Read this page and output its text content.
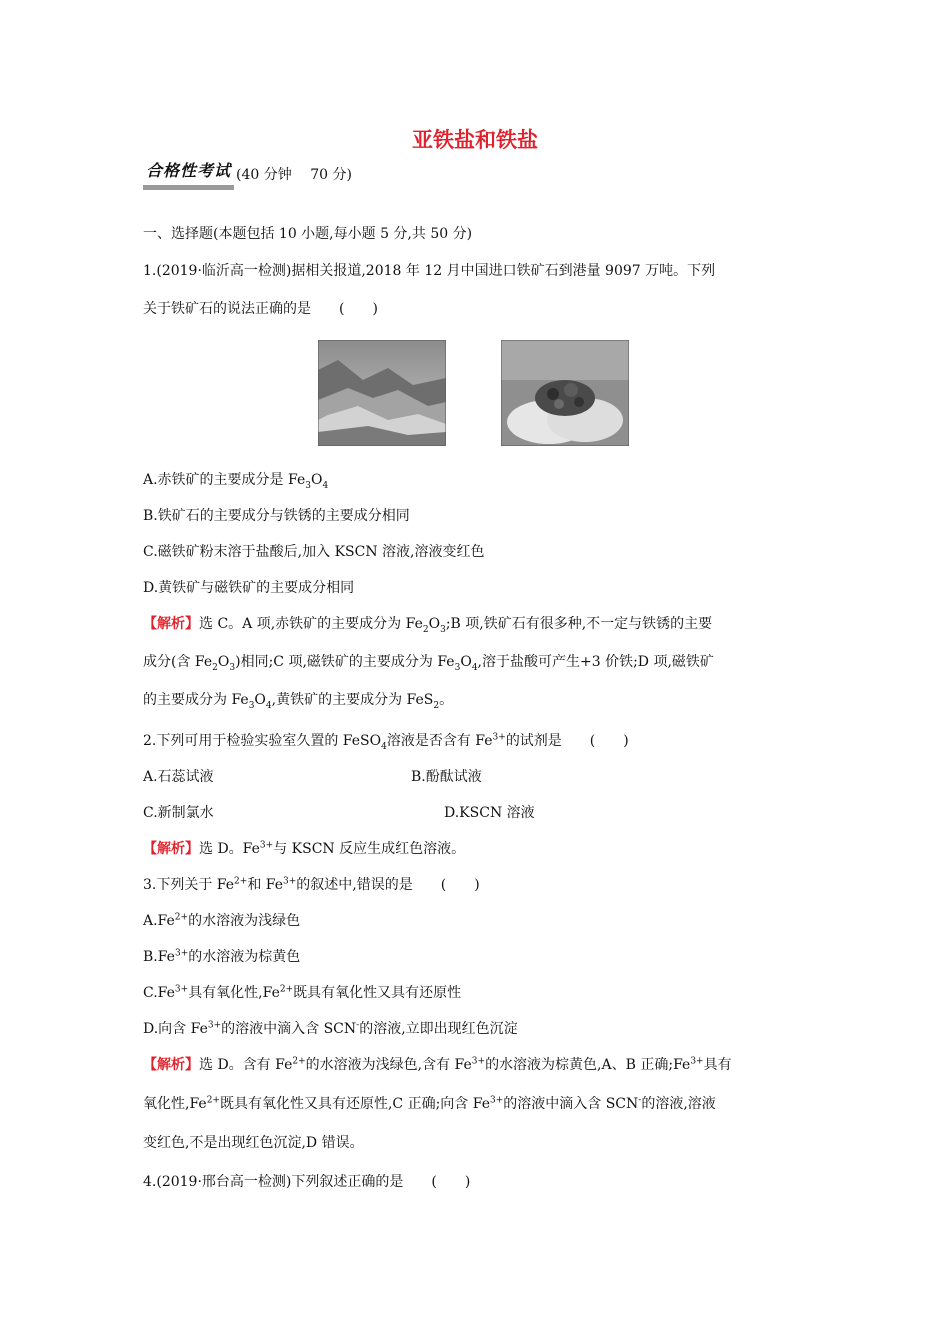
亚铁盐和铁盐
合格性考试 (40 分钟　 70 分)
一、选择题(本题包括 10 小题,每小题 5 分,共 50 分)
1.(2019·临沂高一检测)据相关报道,2018 年 12 月中国进口铁矿石到港量 9097 万吨。下列
关于铁矿石的说法正确的是　　(　　)
A.赤铁矿的主要成分是 $Fe_3O_4$
B.铁矿石的主要成分与铁锈的主要成分相同
C.磁铁矿粉末溶于盐酸后,加入 KSCN 溶液,溶液变红色
D.黄铁矿与磁铁矿的主要成分相同
【解析】选 C。A 项,赤铁矿的主要成分为 $Fe_2O_3;B$ 项,铁矿石有很多种,不一定与铁锈的主要
成分(含 $Fe_2O_3$)相同;C 项,磁铁矿的主要成分为 $Fe_3O_4$,溶于盐酸可产生+3 价铁;D 项,磁铁矿
的主要成分为 $Fe_3O_4$,黄铁矿的主要成分为 FeS$_2$。
2.下列可用于检验实验室久置的 FeSO$_4$溶液是否含有 $Fe^{3+}$的试剂是　　(　　)
A.石蕊试液	B.酚酞试液
C.新制氯水	D.KSCN 溶液
【解析】选 D。$Fe^{3+}$与 KSCN 反应生成红色溶液。
3.下列关于 $Fe^{2+}$和 $Fe^{3+}$的叙述中,错误的是　　(　　)
$A.Fe^{2+}$的水溶液为浅绿色
$B.Fe^{3+}$的水溶液为棕黄色
$C.Fe^{3+}$具有氧化性$,Fe^{2+}$既具有氧化性又具有还原性
D.向含 $Fe^{3+}$的溶液中滴入含 SCN-的溶液,立即出现红色沉淀
【解析】选 D。含有 $Fe^{2+}$的水溶液为浅绿色,含有 $Fe^{3+}$的水溶液为棕黄色,A、B 正确$;Fe^{3+}$具有
氧化性$,Fe^{2+}$既具有氧化性又具有还原性,C 正确;向含 $Fe^{3+}$的溶液中滴入含 SCN-的溶液,溶液
变红色,不是出现红色沉淀,D 错误。
4.(2019·邢台高一检测)下列叙述正确的是　　(　　)
